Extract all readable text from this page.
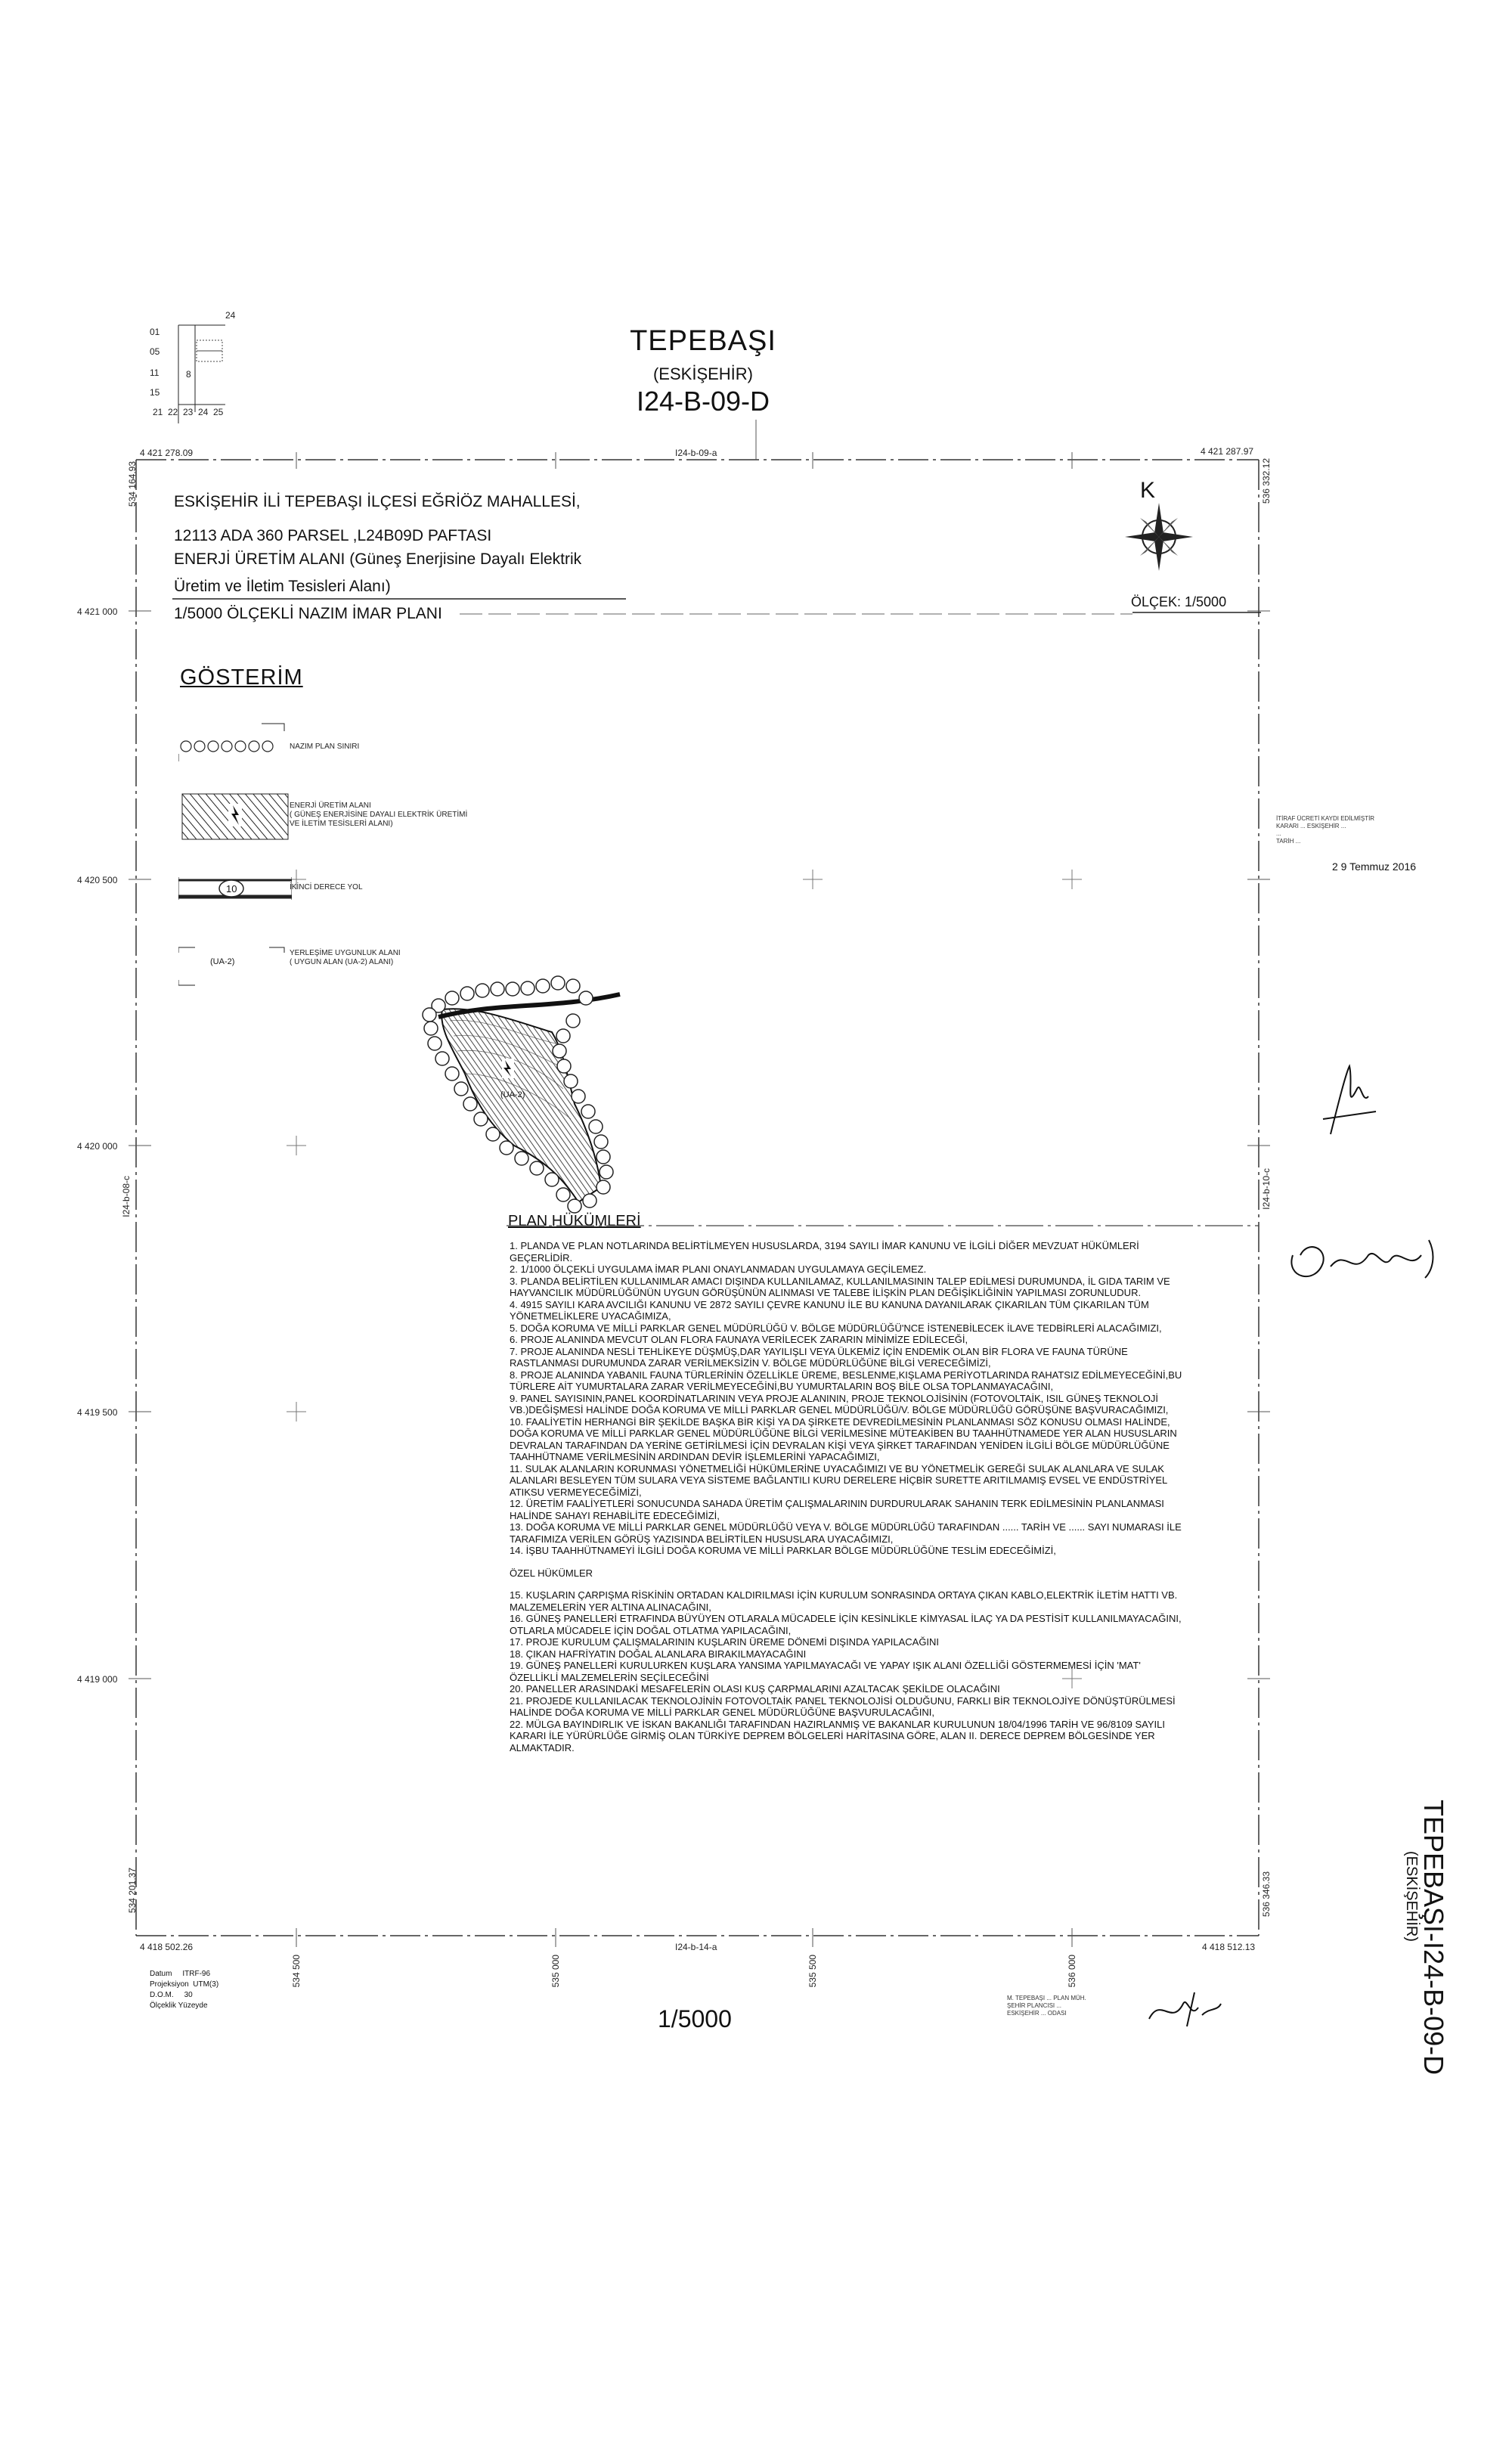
01
05
11
15
21 22 23 24 25
24
8
TEPEBAŞI
(ESKİŞEHİR)
I24-B-09-D
4 421 278.09	I24-b-09-a	4 421 287.97
534 164.93	536 332.12
4 421 000
4 420 500
4 420 000
4 419 500
4 419 000
I24-b-08-c	I24-b-10-c
4 418 502.26	I24-b-14-a	4 418 512.13
534 201.37	536 346.33
534 500	535 000	535 500	536 000
ESKİŞEHİR İLİ TEPEBAŞI İLÇESİ EĞRİÖZ MAHALLESİ,
12113 ADA 360 PARSEL ,L24B09D PAFTASI
ENERJİ ÜRETİM ALANI (Güneş Enerjisine Dayalı Elektrik
Üretim ve İletim Tesisleri Alanı)
1/5000 ÖLÇEKLİ NAZIM İMAR PLANI
K
ÖLÇEK: 1/5000
GÖSTERİM
NAZIM PLAN SINIRI
ENERJİ ÜRETİM ALANI
( GÜNEŞ ENERJİSİNE DAYALI ELEKTRİK ÜRETİMİ
VE İLETİM TESİSLERİ ALANI)
10	İKİNCİ DERECE YOL
(UA-2)
YERLEŞİME UYGUNLUK ALANI
( UYGUN ALAN (UA-2) ALANI)
(UA-2)
PLAN HÜKÜMLERİ

1. PLANDA VE PLAN NOTLARINDA BELİRTİLMEYEN HUSUSLARDA, 3194 SAYILI İMAR KANUNU VE İLGİLİ DİĞER MEVZUAT HÜKÜMLERİ GEÇERLİDİR.

2. 1/1000 ÖLÇEKLİ UYGULAMA İMAR PLANI ONAYLANMADAN UYGULAMAYA GEÇİLEMEZ.

3. PLANDA BELİRTİLEN KULLANIMLAR AMACI DIŞINDA KULLANILAMAZ, KULLANILMASININ TALEP EDİLMESİ DURUMUNDA, İL GIDA TARIM VE HAYVANCILIK MÜDÜRLÜĞÜNÜN UYGUN GÖRÜŞÜNÜN ALINMASI VE TALEBE İLİŞKİN PLAN DEĞİŞİKLİĞİNİN YAPILMASI ZORUNLUDUR.

4. 4915 SAYILI KARA AVCILIĞI KANUNU VE 2872 SAYILI ÇEVRE KANUNU İLE BU KANUNA DAYANILARAK ÇIKARILAN TÜM ÇIKARILAN TÜM YÖNETMELİKLERE UYACAĞIMIZA,

5. DOĞA KORUMA VE MİLLİ PARKLAR GENEL MÜDÜRLÜĞÜ V. BÖLGE MÜDÜRLÜĞÜ'NCE İSTENEBİLECEK İLAVE TEDBİRLERİ ALACAĞIMIZI,

6. PROJE ALANINDA MEVCUT OLAN FLORA FAUNAYA VERİLECEK ZARARIN MİNİMİZE EDİLECEĞİ,

7. PROJE ALANINDA NESLİ TEHLİKEYE DÜŞMÜŞ,DAR YAYILIŞLI VEYA ÜLKEMİZ İÇİN ENDEMİK OLAN BİR FLORA VE FAUNA TÜRÜNE RASTLANMASI DURUMUNDA ZARAR VERİLMEKSİZİN V. BÖLGE MÜDÜRLÜĞÜNE BİLGİ VERECEĞİMİZİ,

8. PROJE ALANINDA YABANIL FAUNA TÜRLERİNİN ÖZELLİKLE ÜREME, BESLENME,KIŞLAMA PERİYOTLARINDA RAHATSIZ EDİLMEYECEĞİNİ,BU TÜRLERE AİT YUMURTALARA ZARAR VERİLMEYECEĞİNİ,BU YUMURTALARIN BOŞ BİLE OLSA TOPLANMAYACAĞINI,

9. PANEL SAYISININ,PANEL KOORDİNATLARININ VEYA PROJE ALANININ, PROJE TEKNOLOJİSİNİN (FOTOVOLTAİK, ISIL GÜNEŞ TEKNOLOJİ VB.)DEĞİŞMESİ HALİNDE DOĞA KORUMA VE MİLLİ PARKLAR GENEL MÜDÜRLÜĞÜ/V. BÖLGE MÜDÜRLÜĞÜ GÖRÜŞÜNE BAŞVURACAĞIMIZI,

10. FAALİYETİN HERHANGİ BİR ŞEKİLDE BAŞKA BİR KİŞİ YA DA ŞİRKETE DEVREDİLMESİNİN PLANLANMASI SÖZ KONUSU OLMASI HALİNDE, DOĞA KORUMA VE MİLLİ PARKLAR GENEL MÜDÜRLÜĞÜNE BİLGİ VERİLMESİNE MÜTEAKİBEN BU TAAHHÜTNAMEDE YER ALAN HUSUSLARIN DEVRALAN TARAFINDAN DA YERİNE GETİRİLMESİ İÇİN DEVRALAN KİŞİ VEYA ŞİRKET TARAFINDAN YENİDEN İLGİLİ BÖLGE MÜDÜRLÜĞÜNE TAAHHÜTNAME VERİLMESİNİN ARDINDAN DEVİR İŞLEMLERİNİ YAPACAĞIMIZI,

11. SULAK ALANLARIN KORUNMASI YÖNETMELİĞİ HÜKÜMLERİNE UYACAĞIMIZI VE BU YÖNETMELİK GEREĞİ SULAK ALANLARA VE SULAK ALANLARI BESLEYEN TÜM SULARA VEYA SİSTEME BAĞLANTILI KURU DERELERE HİÇBİR SURETTE ARITILMAMIŞ EVSEL VE ENDÜSTRİYEL ATIKSU VERMEYECEĞİMİZİ,

12. ÜRETİM FAALİYETLERİ SONUCUNDA SAHADA ÜRETİM ÇALIŞMALARININ DURDURULARAK SAHANIN TERK EDİLMESİNİN PLANLANMASI HALİNDE SAHAYI REHABİLİTE EDECEĞİMİZİ,

13. DOĞA KORUMA VE MİLLİ PARKLAR GENEL MÜDÜRLÜĞÜ VEYA V. BÖLGE MÜDÜRLÜĞÜ TARAFINDAN ...... TARİH VE ...... SAYI NUMARASI İLE TARAFIMIZA VERİLEN GÖRÜŞ YAZISINDA BELİRTİLEN HUSUSLARA UYACAĞIMIZI,

14. İŞBU TAAHHÜTNAMEYİ İLGİLİ DOĞA KORUMA VE MİLLİ PARKLAR BÖLGE MÜDÜRLÜĞÜNE TESLİM EDECEĞİMİZİ,

ÖZEL HÜKÜMLER

15. KUŞLARIN ÇARPIŞMA RİSKİNİN ORTADAN KALDIRILMASI İÇİN KURULUM SONRASINDA ORTAYA ÇIKAN KABLO,ELEKTRİK İLETİM HATTI VB. MALZEMELERİN YER ALTINA ALINACAĞINI,

16. GÜNEŞ PANELLERİ ETRAFINDA BÜYÜYEN OTLARALA MÜCADELE İÇİN KESİNLİKLE KİMYASAL İLAÇ YA DA PESTİSİT KULLANILMAYACAĞINI, OTLARLA MÜCADELE İÇİN DOĞAL OTLATMA YAPILACAĞINI,

17. PROJE KURULUM ÇALIŞMALARININ KUŞLARIN ÜREME DÖNEMİ DIŞINDA YAPILACAĞINI

18. ÇIKAN HAFRİYATIN DOĞAL ALANLARA BIRAKILMAYACAĞINI

19. GÜNEŞ PANELLERİ KURULURKEN KUŞLARA YANSIMA YAPILMAYACAĞI VE YAPAY IŞIK ALANI ÖZELLİĞİ GÖSTERMEMESİ İÇİN 'MAT' ÖZELLİKLİ MALZEMELERİN SEÇİLECEĞİNİ

20. PANELLER ARASINDAKİ MESAFELERİN OLASI KUŞ ÇARPMALARINI AZALTACAK ŞEKİLDE OLACAĞINI

21. PROJEDE KULLANILACAK TEKNOLOJİNİN FOTOVOLTAİK PANEL TEKNOLOJİSİ OLDUĞUNU, FARKLI BİR TEKNOLOJİYE DÖNÜŞTÜRÜLMESİ HALİNDE DOĞA KORUMA VE MİLLİ PARKLAR GENEL MÜDÜRLÜĞÜNE BAŞVURULACAĞINI,

22. MÜLGA BAYINDIRLIK VE İSKAN BAKANLIĞI TARAFINDAN HAZIRLANMIŞ VE BAKANLAR KURULUNUN 18/04/1996 TARİH VE 96/8109 SAYILI KARARI İLE YÜRÜRLÜĞE GİRMİŞ OLAN TÜRKİYE DEPREM BÖLGELERİ HARİTASINA GÖRE, ALAN II. DERECE DEPREM BÖLGESİNDE YER ALMAKTADIR.

İTİRAF ÜCRETİ KAYDI EDİLMİŞTİR
KARARI ... ESKİŞEHİR ...
...
TARİH ...
2 9 Temmuz 2016
Datum ITRF-96
Projeksiyon UTM(3)
D.O.M. 30
Ölçeklik Yüzeyde	1/5000
M. TEPEBAŞI ... PLAN MÜH.
ŞEHİR PLANCISI ...
ESKİŞEHİR ... ODASI	TEPEBAŞI-I24-B-09-D
(ESKİŞEHİR)
